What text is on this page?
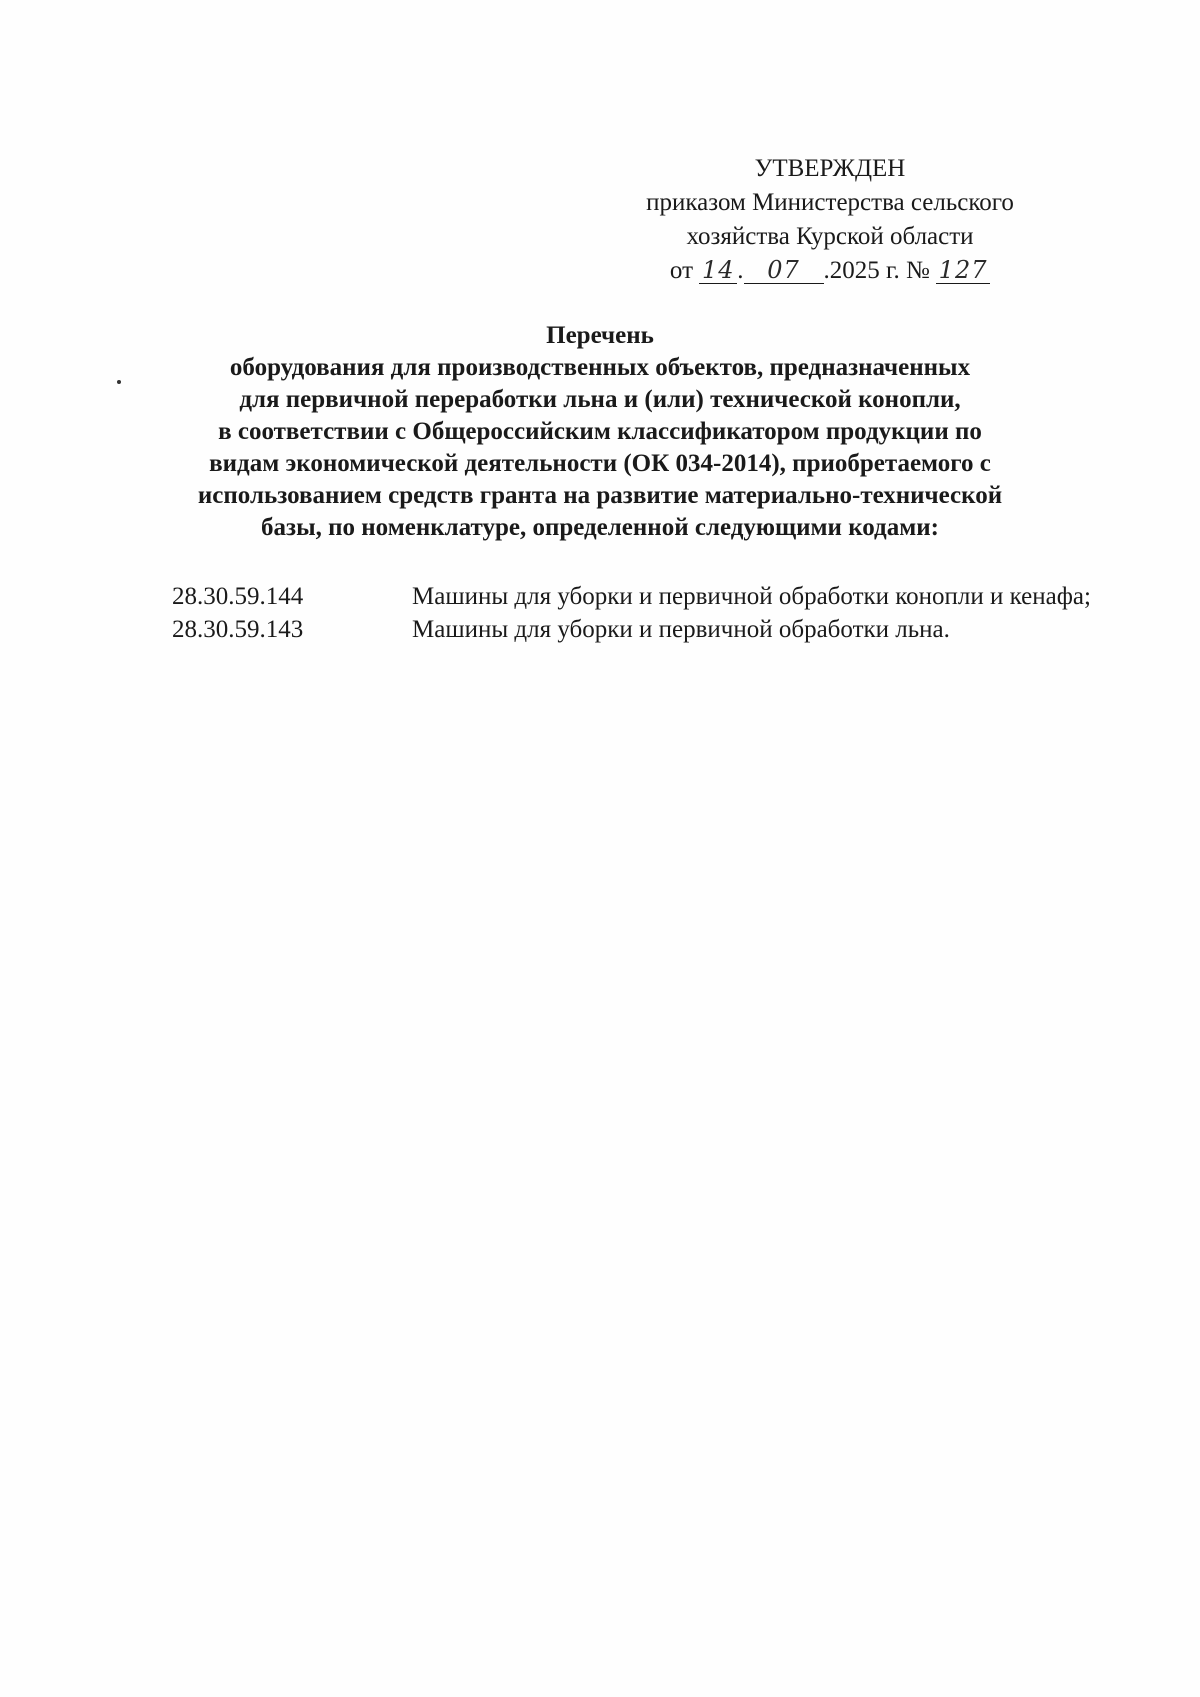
УТВЕРЖДЕН
приказом Министерства сельского
хозяйства Курской области
от 14 . 07 .2025 г. № 127
Перечень
оборудования для производственных объектов, предназначенных
для первичной переработки льна и (или) технической конопли,
в соответствии с Общероссийским классификатором продукции по
видам экономической деятельности (ОК 034-2014), приобретаемого с
использованием средств гранта на развитие материально-технической
базы, по номенклатуре, определенной следующими кодами:
28.30.59.144	Машины для уборки и первичной обработки конопли и кенафа;
28.30.59.143	Машины для уборки и первичной обработки льна.
